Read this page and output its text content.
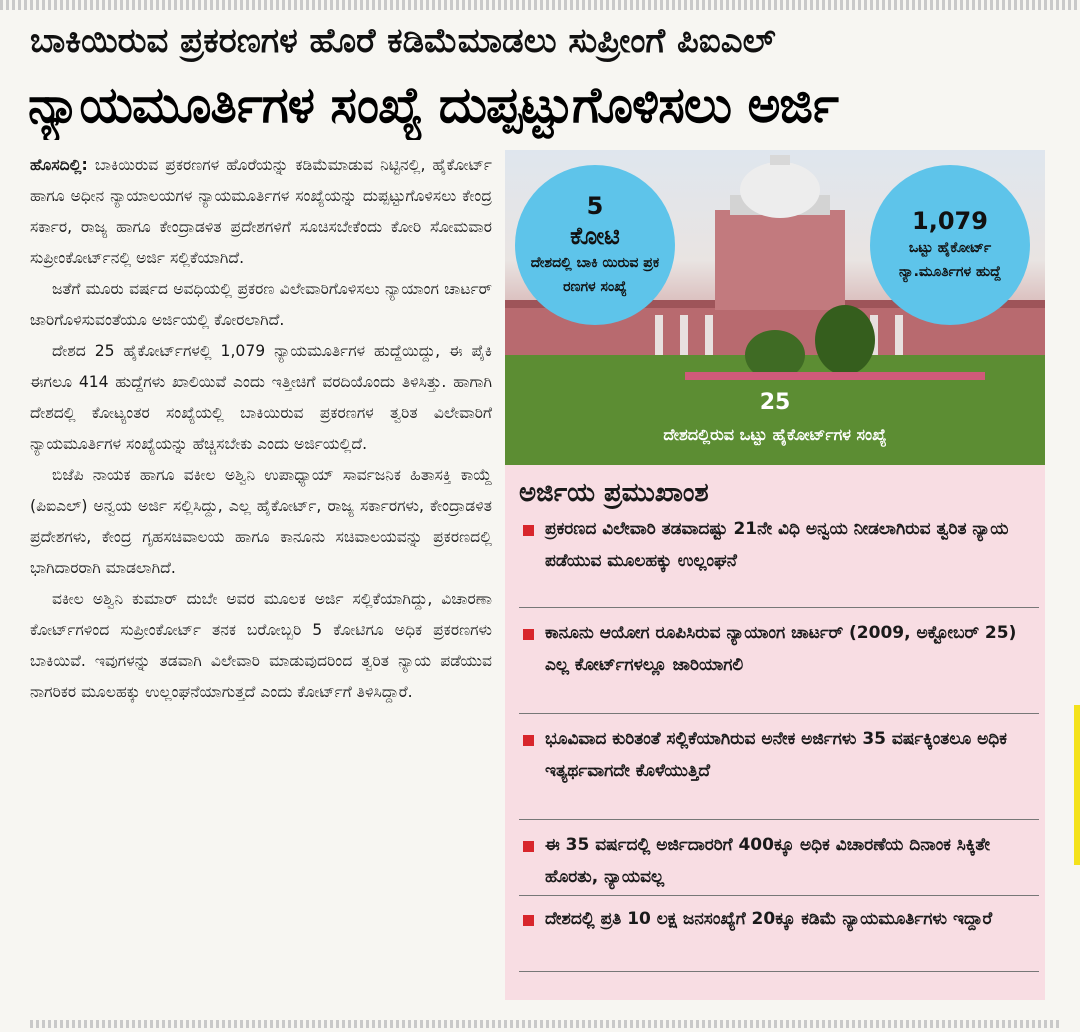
ಬಾಕಿಯಿರುವ ಪ್ರಕರಣಗಳ ಹೊರೆ ಕಡಿಮೆಮಾಡಲು ಸುಪ್ರೀಂಗೆ ಪಿಐಎಲ್
ನ್ಯಾಯಮೂರ್ತಿಗಳ ಸಂಖ್ಯೆ ದುಪ್ಪಟ್ಟುಗೊಳಿಸಲು ಅರ್ಜಿ

ಹೊಸದಿಲ್ಲಿ: ಬಾಕಿಯಿರುವ ಪ್ರಕರಣಗಳ ಹೊರೆಯನ್ನು ಕಡಿಮೆಮಾಡುವ ನಿಟ್ಟಿನಲ್ಲಿ, ಹೈಕೋರ್ಟ್ ಹಾಗೂ ಅಧೀನ ನ್ಯಾಯಾಲಯಗಳ ನ್ಯಾಯಮೂರ್ತಿಗಳ ಸಂಖ್ಯೆಯನ್ನು ದುಪ್ಪಟ್ಟುಗೊಳಿಸಲು ಕೇಂದ್ರ ಸರ್ಕಾರ, ರಾಜ್ಯ ಹಾಗೂ ಕೇಂದ್ರಾಡಳಿತ ಪ್ರದೇಶಗಳಿಗೆ ಸೂಚಿಸಬೇಕೆಂದು ಕೋರಿ ಸೋಮವಾರ ಸುಪ್ರೀಂಕೋರ್ಟ್‌ನಲ್ಲಿ ಅರ್ಜಿ ಸಲ್ಲಿಕೆಯಾಗಿದೆ.

ಜತೆಗೆ ಮೂರು ವರ್ಷದ ಅವಧಿಯಲ್ಲಿ ಪ್ರಕರಣ ವಿಲೇವಾರಿಗೊಳಿಸಲು ನ್ಯಾಯಾಂಗ ಚಾರ್ಟರ್ ಜಾರಿಗೊಳಿಸುವಂತೆಯೂ ಅರ್ಜಿಯಲ್ಲಿ ಕೋರಲಾಗಿದೆ.

ದೇಶದ 25 ಹೈಕೋರ್ಟ್‌ಗಳಲ್ಲಿ 1,079 ನ್ಯಾಯಮೂರ್ತಿಗಳ ಹುದ್ದೆಯಿದ್ದು, ಈ ಪೈಕಿ ಈಗಲೂ 414 ಹುದ್ದೆಗಳು ಖಾಲಿಯಿವೆ ಎಂದು ಇತ್ತೀಚಿಗೆ ವರದಿಯೊಂದು ತಿಳಿಸಿತ್ತು. ಹಾಗಾಗಿ ದೇಶದಲ್ಲಿ ಕೋಟ್ಯಂತರ ಸಂಖ್ಯೆಯಲ್ಲಿ ಬಾಕಿಯಿರುವ ಪ್ರಕರಣಗಳ ತ್ವರಿತ ವಿಲೇವಾರಿಗೆ ನ್ಯಾಯಮೂರ್ತಿಗಳ ಸಂಖ್ಯೆಯನ್ನು ಹೆಚ್ಚಿಸಬೇಕು ಎಂದು ಅರ್ಜಿಯಲ್ಲಿದೆ.

ಬಿಜೆಪಿ ನಾಯಕ ಹಾಗೂ ವಕೀಲ ಅಶ್ವಿನಿ ಉಪಾಧ್ಯಾಯ್ ಸಾರ್ವಜನಿಕ ಹಿತಾಸಕ್ತಿ ಕಾಯ್ದೆ (ಪಿಐಎಲ್) ಅನ್ವಯ ಅರ್ಜಿ ಸಲ್ಲಿಸಿದ್ದು, ಎಲ್ಲ ಹೈಕೋರ್ಟ್, ರಾಜ್ಯ ಸರ್ಕಾರಗಳು, ಕೇಂದ್ರಾಡಳಿತ ಪ್ರದೇಶಗಳು, ಕೇಂದ್ರ ಗೃಹಸಚಿವಾಲಯ ಹಾಗೂ ಕಾನೂನು ಸಚಿವಾಲಯವನ್ನು ಪ್ರಕರಣದಲ್ಲಿ ಭಾಗಿದಾರರಾಗಿ ಮಾಡಲಾಗಿದೆ.

ವಕೀಲ ಅಶ್ವಿನಿ ಕುಮಾರ್ ದುಬೇ ಅವರ ಮೂಲಕ ಅರ್ಜಿ ಸಲ್ಲಿಕೆಯಾಗಿದ್ದು, ವಿಚಾರಣಾ ಕೋರ್ಟ್‌ಗಳಿಂದ ಸುಪ್ರೀಂಕೋರ್ಟ್ ತನಕ ಬರೋಬ್ಬರಿ 5 ಕೋಟಿಗೂ ಅಧಿಕ ಪ್ರಕರಣಗಳು ಬಾಕಿಯಿವೆ. ಇವುಗಳನ್ನು ತಡವಾಗಿ ವಿಲೇವಾರಿ ಮಾಡುವುದರಿಂದ ತ್ವರಿತ ನ್ಯಾಯ ಪಡೆಯುವ ನಾಗರಿಕರ ಮೂಲಹಕ್ಕು ಉಲ್ಲಂಘನೆಯಾಗುತ್ತದೆ ಎಂದು ಕೋರ್ಟ್‌ಗೆ ತಿಳಿಸಿದ್ದಾರೆ.

5
ಕೋಟಿ
ದೇಶದಲ್ಲಿ ಬಾಕಿ ಯಿರುವ ಪ್ರಕ ರಣಗಳ ಸಂಖ್ಯೆ
1,079
ಒಟ್ಟು ಹೈಕೋರ್ಟ್ ನ್ಯಾ.ಮೂರ್ತಿಗಳ ಹುದ್ದೆ
25
ದೇಶದಲ್ಲಿರುವ ಒಟ್ಟು ಹೈಕೋರ್ಟ್‌ಗಳ ಸಂಖ್ಯೆ
ಅರ್ಜಿಯ ಪ್ರಮುಖಾಂಶ
ಪ್ರಕರಣದ ವಿಲೇವಾರಿ ತಡವಾದಷ್ಟು 21ನೇ ವಿಧಿ ಅನ್ವಯ ನೀಡಲಾಗಿರುವ ತ್ವರಿತ ನ್ಯಾಯ ಪಡೆಯುವ ಮೂಲಹಕ್ಕು ಉಲ್ಲಂಘನೆ
ಕಾನೂನು ಆಯೋಗ ರೂಪಿಸಿರುವ ನ್ಯಾಯಾಂಗ ಚಾರ್ಟರ್ (2009, ಅಕ್ಟೋಬರ್ 25) ಎಲ್ಲ ಕೋರ್ಟ್‌ಗಳಲ್ಲೂ ಜಾರಿಯಾಗಲಿ
ಭೂವಿವಾದ ಕುರಿತಂತೆ ಸಲ್ಲಿಕೆಯಾಗಿರುವ ಅನೇಕ ಅರ್ಜಿಗಳು 35 ವರ್ಷಕ್ಕಿಂತಲೂ ಅಧಿಕ ಇತ್ಯರ್ಥವಾಗದೇ ಕೊಳೆಯುತ್ತಿದೆ
ಈ 35 ವರ್ಷದಲ್ಲಿ ಅರ್ಜಿದಾರರಿಗೆ 400ಕ್ಕೂ ಅಧಿಕ ವಿಚಾರಣೆಯ ದಿನಾಂಕ ಸಿಕ್ಕಿತೇ ಹೊರತು, ನ್ಯಾಯವಲ್ಲ
ದೇಶದಲ್ಲಿ ಪ್ರತಿ 10 ಲಕ್ಷ ಜನಸಂಖ್ಯೆಗೆ 20ಕ್ಕೂ ಕಡಿಮೆ ನ್ಯಾಯಮೂರ್ತಿಗಳು ಇದ್ದಾರೆ
